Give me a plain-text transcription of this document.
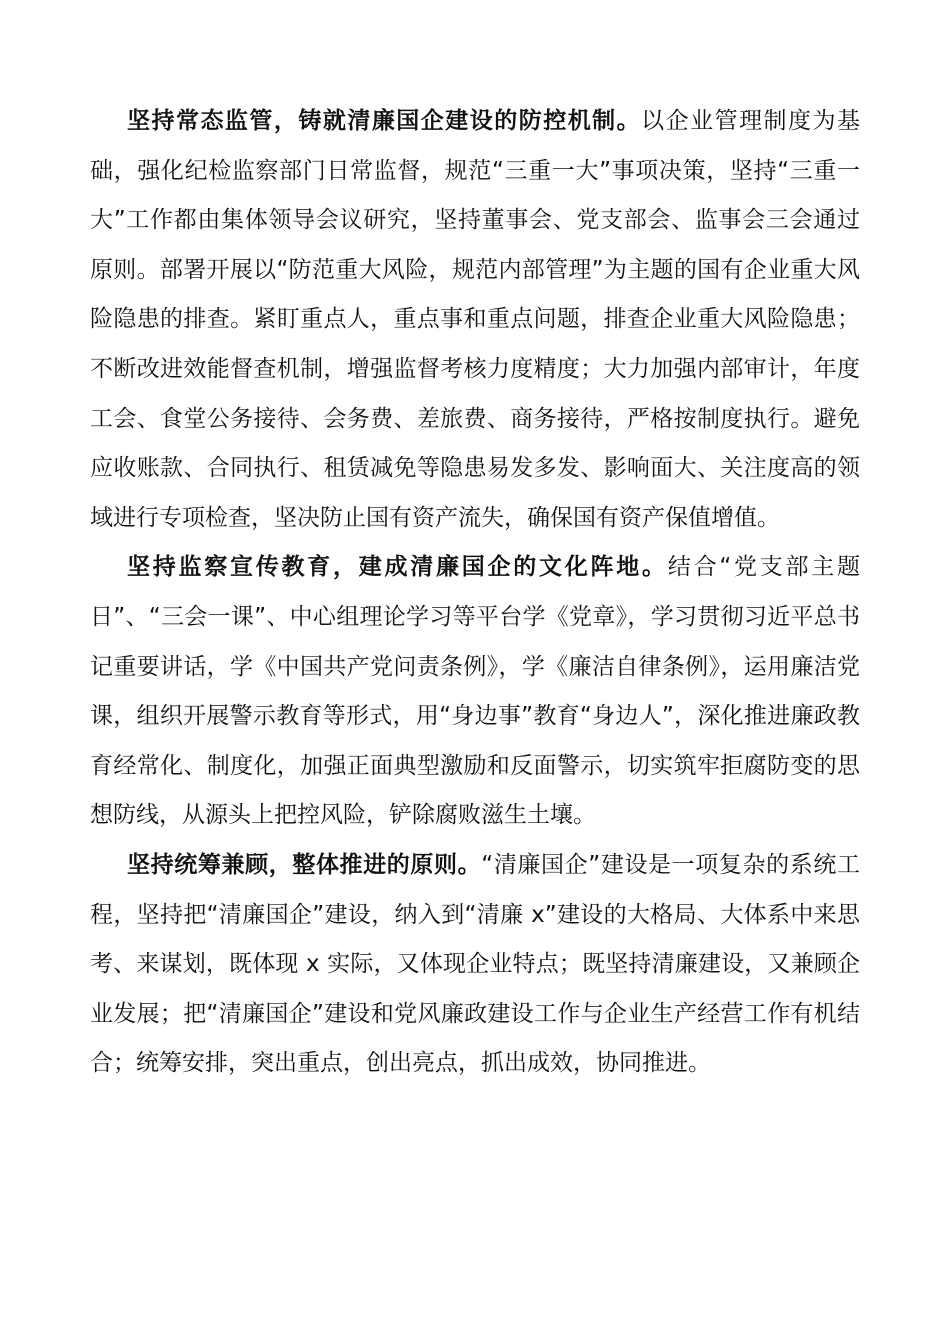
坚持常态监管，铸就清廉国企建设的防控机制。以企业管理制度为基础，强化纪检监察部门日常监督，规范“三重一大”事项决策，坚持“三重一大”工作都由集体领导会议研究，坚持董事会、党支部会、监事会三会通过原则。部署开展以“防范重大风险，规范内部管理”为主题的国有企业重大风险隐患的排查。紧盯重点人，重点事和重点问题，排查企业重大风险隐患；不断改进效能督查机制，增强监督考核力度精度；大力加强内部审计，年度工会、食堂公务接待、会务费、差旅费、商务接待，严格按制度执行。避免应收账款、合同执行、租赁减免等隐患易发多发、影响面大、关注度高的领域进行专项检查，坚决防止国有资产流失，确保国有资产保值增值。

坚持监察宣传教育，建成清廉国企的文化阵地。结合“党支部主题日”、“三会一课”、中心组理论学习等平台学《党章》，学习贯彻习近平总书记重要讲话，学《中国共产党问责条例》，学《廉洁自律条例》，运用廉洁党课，组织开展警示教育等形式，用“身边事”教育“身边人”，深化推进廉政教育经常化、制度化，加强正面典型激励和反面警示，切实筑牢拒腐防变的思想防线，从源头上把控风险，铲除腐败滋生土壤。

坚持统筹兼顾，整体推进的原则。“清廉国企”建设是一项复杂的系统工程，坚持把“清廉国企”建设，纳入到“清廉 x”建设的大格局、大体系中来思考、来谋划，既体现 x 实际，又体现企业特点；既坚持清廉建设，又兼顾企业发展；把“清廉国企”建设和党风廉政建设工作与企业生产经营工作有机结合；统筹安排，突出重点，创出亮点，抓出成效，协同推进。
